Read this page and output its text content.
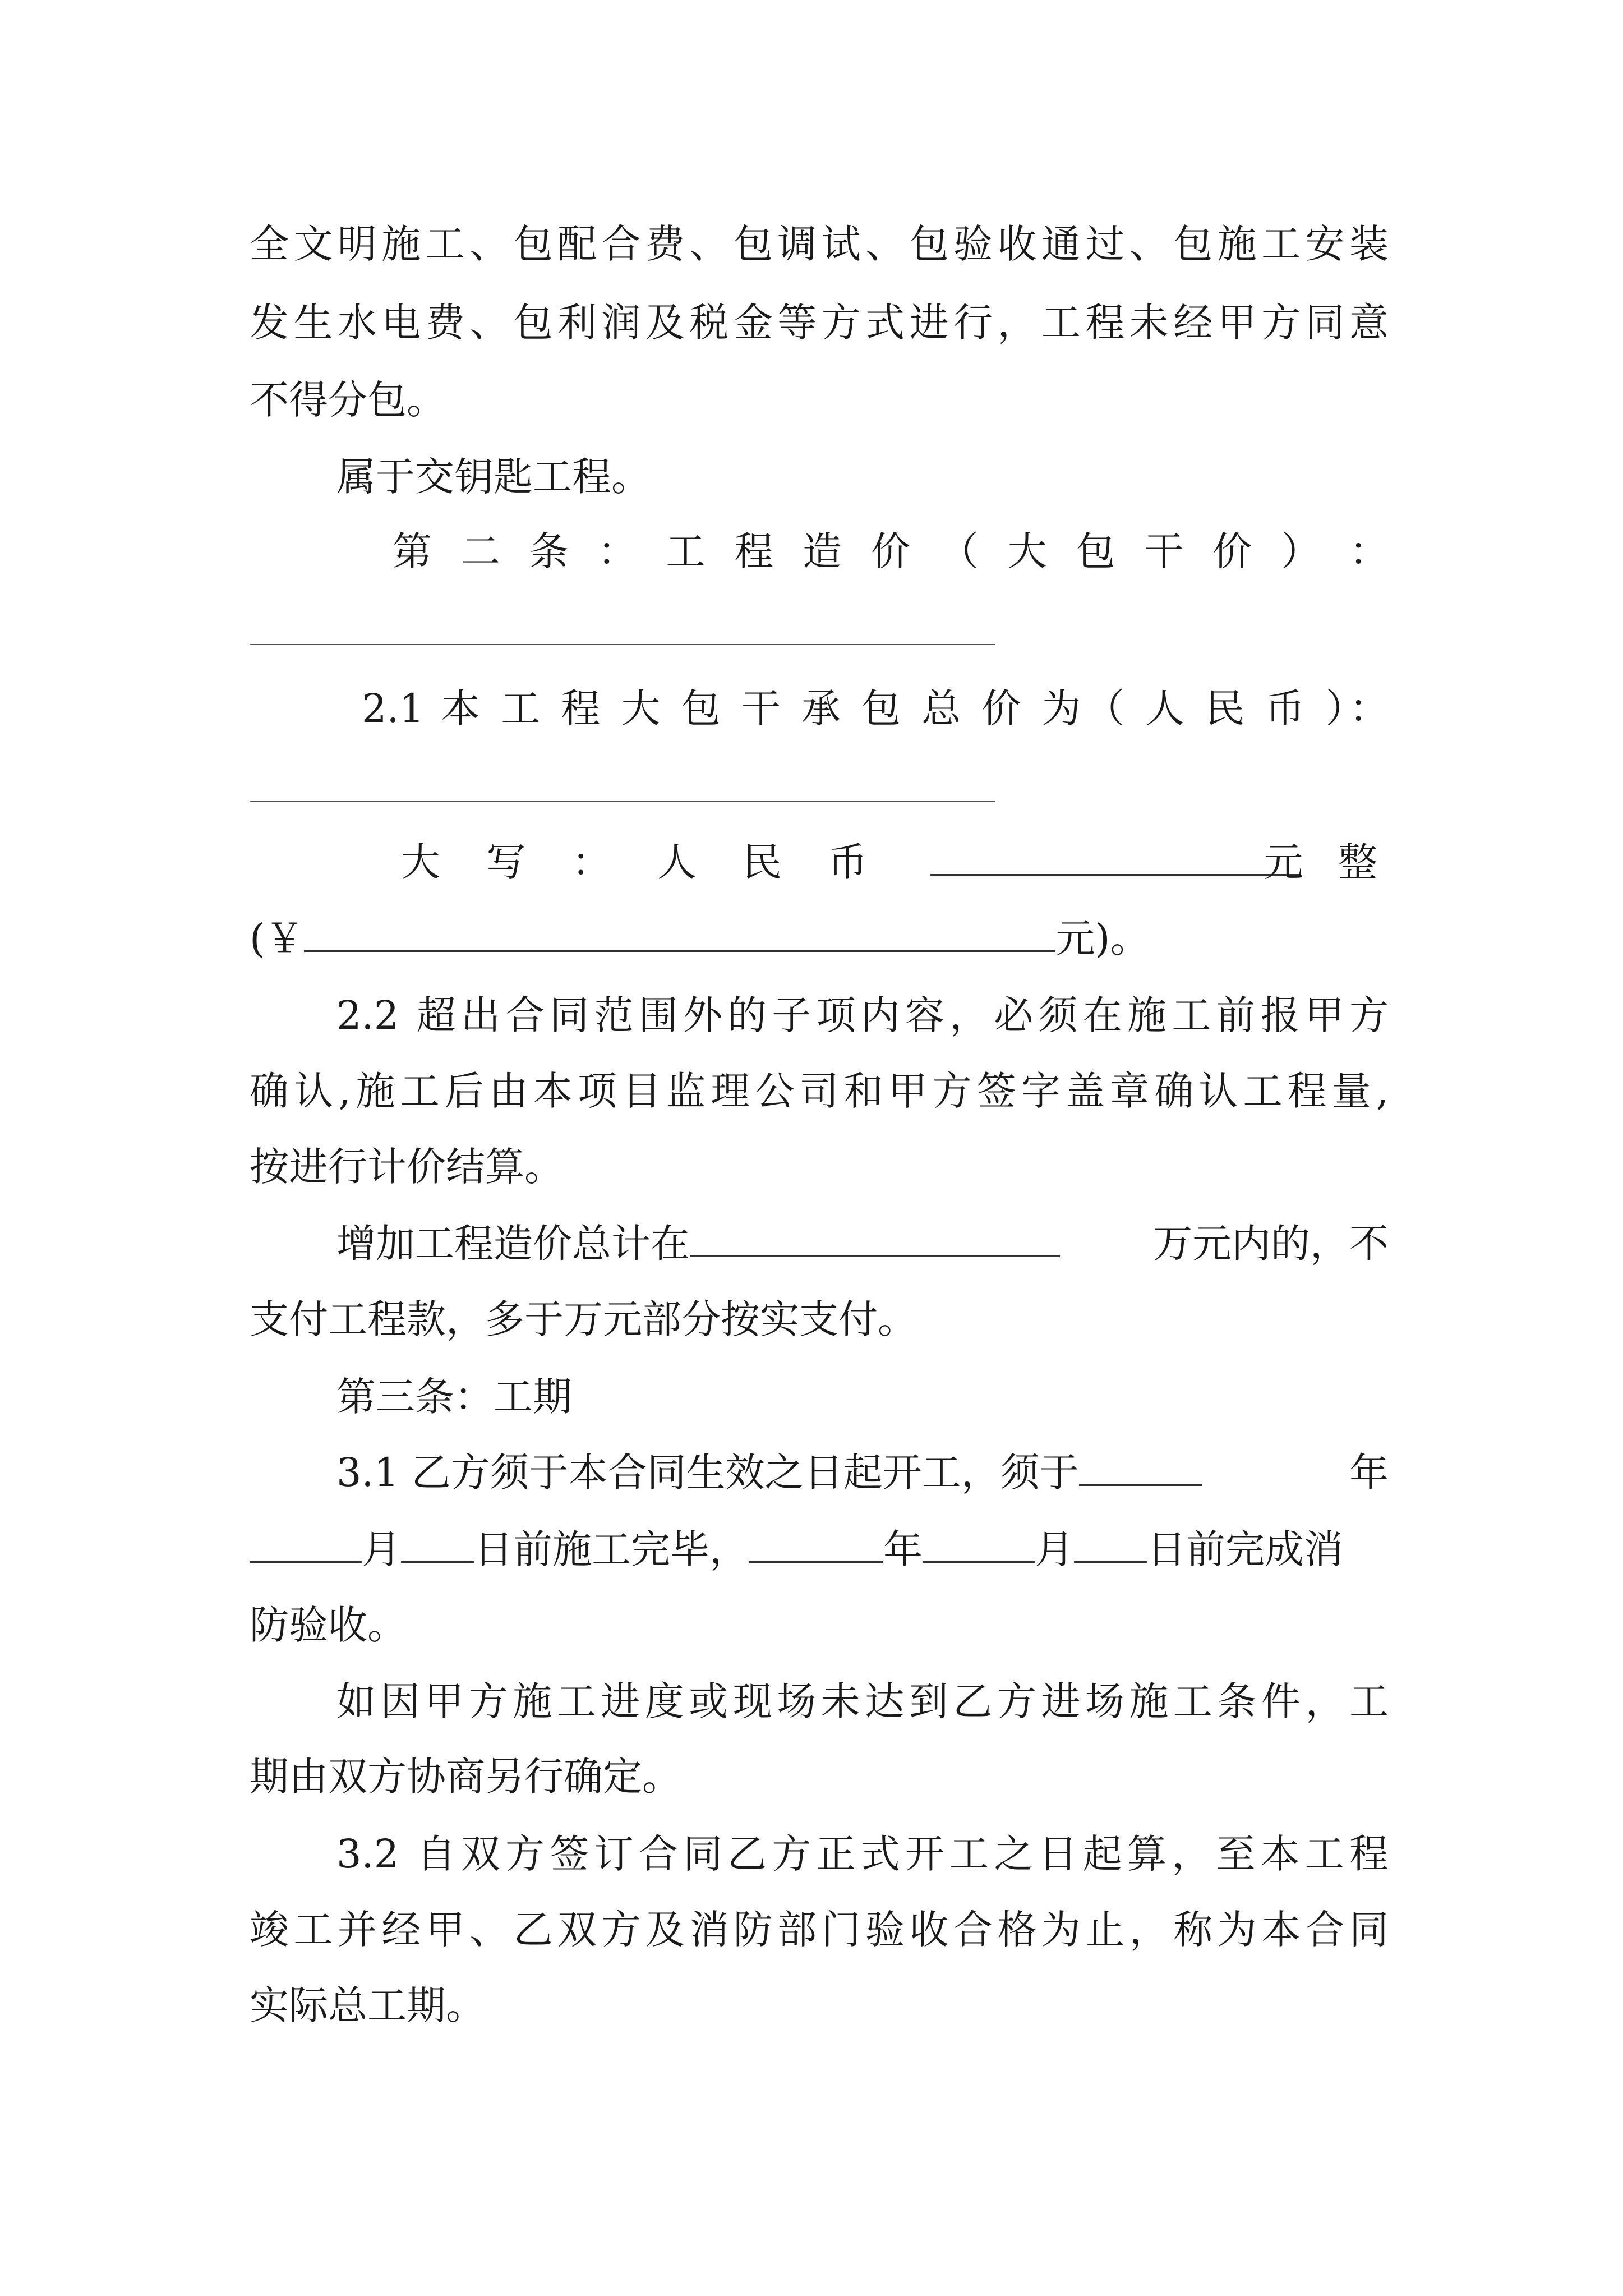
全文明施工、包配合费、包调试、包验收通过、包施工安装
发生水电费、包利润及税金等方式进行，工程未经甲方同意
不得分包。
属于交钥匙工程。
第 二 条 ： 工 程 造 价 （ 大 包 干 价 ） ：
2.1 本 工 程 大 包 干 承 包 总 价 为（ 人 民 币 ）：
大 写 ： 人 民 币	元 整
(￥	元)。
2.2 超出合同范围外的子项内容，必须在施工前报甲方
确认,施工后由本项目监理公司和甲方签字盖章确认工程量,
按进行计价结算。
增加工程造价总计在	万元内的，不
支付工程款，多于万元部分按实支付。
第三条：工期
3.1 乙方须于本合同生效之日起开工，须于	年
月 日前施工完毕，	年	月 日前完成消
防验收。
如因甲方施工进度或现场未达到乙方进场施工条件，工
期由双方协商另行确定。
3.2 自双方签订合同乙方正式开工之日起算，至本工程
竣工并经甲、乙双方及消防部门验收合格为止，称为本合同
实际总工期。
